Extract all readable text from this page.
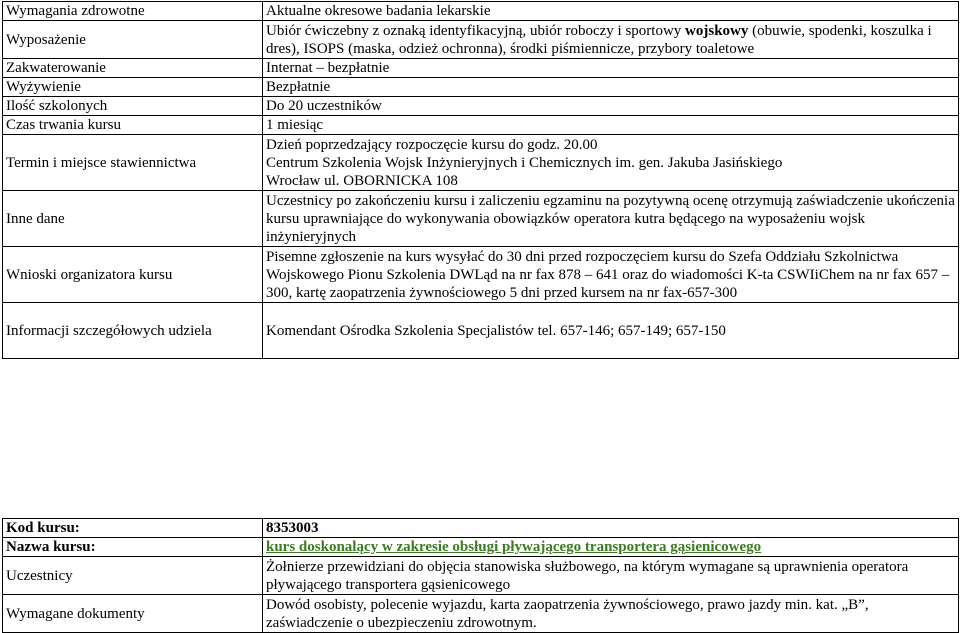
Wymagania zdrowotne	Aktualne okresowe badania lekarskie

Wyposażenie	Ubiór ćwiczebny z oznaką identyfikacyjną, ubiór roboczy i sportowy wojskowy (obuwie, spodenki, koszulka i dres), ISOPS (maska, odzież ochronna), środki piśmiennicze, przybory toaletowe
Zakwaterowanie	Internat – bezpłatnie

Wyżywienie	Bezpłatnie

Ilość szkolonych	Do 20 uczestników

Czas trwania kursu	1 miesiąc

Termin i miejsce stawiennictwa	Dzień poprzedzający rozpoczęcie kursu do godz. 20.00
Centrum Szkolenia Wojsk Inżynieryjnych i Chemicznych im. gen. Jakuba Jasińskiego
Wrocław ul. OBORNICKA 108

Inne dane	Uczestnicy po zakończeniu kursu i zaliczeniu egzaminu na pozytywną ocenę otrzymują zaświadczenie ukończenia kursu uprawniające do wykonywania obowiązków operatora kutra będącego na wyposażeniu wojsk inżynieryjnych

Wnioski organizatora kursu	Pisemne zgłoszenie na kurs wysyłać do 30 dni przed rozpoczęciem kursu do Szefa Oddziału Szkolnictwa Wojskowego Pionu Szkolenia DWLąd na nr fax 878 – 641 oraz do wiadomości K-ta CSWIiChem na nr fax 657 – 300, kartę zaopatrzenia żywnościowego 5 dni przed kursem na nr fax-657-300

Informacji szczegółowych udziela	Komendant Ośrodka Szkolenia Specjalistów tel. 657-146; 657-149; 657-150
Kod kursu:	8353003
Nazwa kursu:	kurs doskonalący w zakresie obsługi pływającego transportera gąsienicowego
Uczestnicy	Żołnierze przewidziani do objęcia stanowiska służbowego, na którym wymagane są uprawnienia operatora pływającego transportera gąsienicowego
Wymagane dokumenty	Dowód osobisty, polecenie wyjazdu, karta zaopatrzenia żywnościowego, prawo jazdy min. kat. „B”, zaświadczenie o ubezpieczeniu zdrowotnym.
